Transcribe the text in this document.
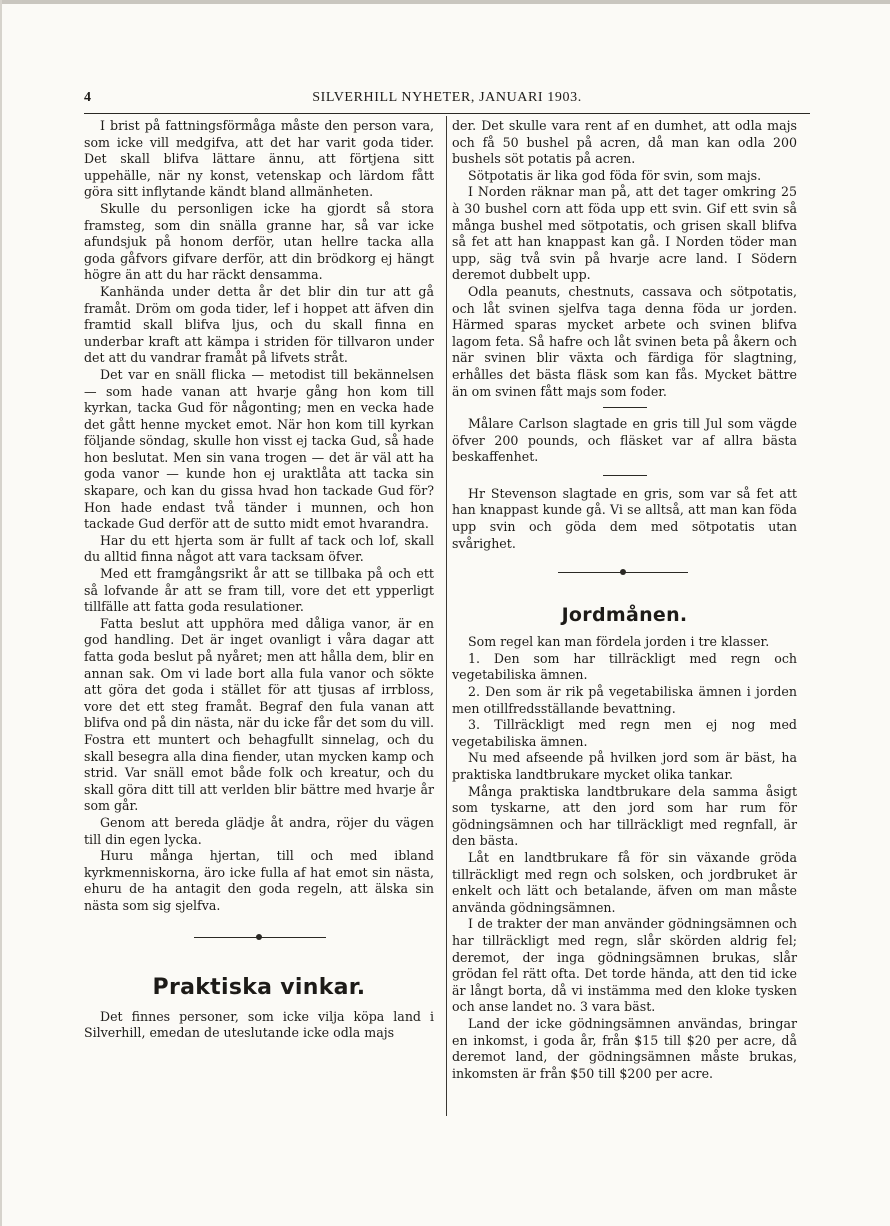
4	SILVERHILL NYHETER, JANUARI 1903.

I brist på fattningsförmåga måste den person vara, som icke vill medgifva, att det har varit goda tider. Det skall blifva lättare ännu, att förtjena sitt uppehälle, när ny konst, vetenskap och lärdom fått göra sitt inflytande kändt bland allmänheten.

Skulle du personligen icke ha gjordt så stora framsteg, som din snälla granne har, så var icke afundsjuk på honom derför, utan hellre tacka alla goda gåfvors gifvare derför, att din brödkorg ej hängt högre än att du har räckt densamma.

Kanhända under detta år det blir din tur att gå framåt. Dröm om goda tider, lef i hoppet att äfven din framtid skall blifva ljus, och du skall finna en underbar kraft att kämpa i striden för tillvaron under det att du vandrar framåt på lifvets stråt.

Det var en snäll flicka — metodist till bekännelsen — som hade vanan att hvarje gång hon kom till kyrkan, tacka Gud för någonting; men en vecka hade det gått henne mycket emot. När hon kom till kyrkan följande söndag, skulle hon visst ej tacka Gud, så hade hon beslutat. Men sin vana trogen — det är väl att ha goda vanor — kunde hon ej uraktlåta att tacka sin skapare, och kan du gissa hvad hon tackade Gud för? Hon hade endast två tänder i munnen, och hon tackade Gud derför att de sutto midt emot hvarandra.

Har du ett hjerta som är fullt af tack och lof, skall du alltid finna något att vara tacksam öfver.

Med ett framgångsrikt år att se tillbaka på och ett så lofvande år att se fram till, vore det ett ypperligt tillfälle att fatta goda resulationer.

Fatta beslut att upphöra med dåliga vanor, är en god handling. Det är inget ovanligt i våra dagar att fatta goda beslut på nyåret; men att hålla dem, blir en annan sak. Om vi lade bort alla fula vanor och sökte att göra det goda i stället för att tjusas af irrbloss, vore det ett steg framåt. Begraf den fula vanan att blifva ond på din nästa, när du icke får det som du vill. Fostra ett muntert och behagfullt sinnelag, och du skall besegra alla dina fiender, utan mycken kamp och strid. Var snäll emot både folk och kreatur, och du skall göra ditt till att verlden blir bättre med hvarje år som går.

Genom att bereda glädje åt andra, röjer du vägen till din egen lycka.

Huru många hjertan, till och med ibland kyrkmenniskorna, äro icke fulla af hat emot sin nästa, ehuru de ha antagit den goda regeln, att älska sin nästa som sig sjelfva.

Praktiska vinkar.

Det finnes personer, som icke vilja köpa land i Silverhill, emedan de uteslutande icke odla majs

der. Det skulle vara rent af en dumhet, att odla majs och få 50 bushel på acren, då man kan odla 200 bushels söt potatis på acren.

Sötpotatis är lika god föda för svin, som majs.

I Norden räknar man på, att det tager omkring 25 à 30 bushel corn att föda upp ett svin. Gif ett svin så många bushel med sötpotatis, och grisen skall blifva så fet att han knappast kan gå. I Norden töder man upp, säg två svin på hvarje acre land. I Södern deremot dubbelt upp.

Odla peanuts, chestnuts, cassava och sötpotatis, och låt svinen sjelfva taga denna föda ur jorden. Härmed sparas mycket arbete och svinen blifva lagom feta. Så hafre och låt svinen beta på åkern och när svinen blir växta och färdiga för slagtning, erhålles det bästa fläsk som kan fås. Mycket bättre än om svinen fått majs som foder.

Målare Carlson slagtade en gris till Jul som vägde öfver 200 pounds, och fläsket var af allra bästa beskaffenhet.

Hr Stevenson slagtade en gris, som var så fet att han knappast kunde gå. Vi se alltså, att man kan föda upp svin och göda dem med sötpotatis utan svårighet.

Jordmånen.

Som regel kan man fördela jorden i tre klasser.

1. Den som har tillräckligt med regn och vegetabiliska ämnen.

2. Den som är rik på vegetabiliska ämnen i jorden men otillfredsställande bevattning.

3. Tillräckligt med regn men ej nog med vegetabiliska ämnen.

Nu med afseende på hvilken jord som är bäst, ha praktiska landtbrukare mycket olika tankar.

Många praktiska landtbrukare dela samma åsigt som tyskarne, att den jord som har rum för gödningsämnen och har tillräckligt med regnfall, är den bästa.

Låt en landtbrukare få för sin växande gröda tillräckligt med regn och solsken, och jordbruket är enkelt och lätt och betalande, äfven om man måste använda gödningsämnen.

I de trakter der man använder gödningsämnen och har tillräckligt med regn, slår skörden aldrig fel; deremot, der inga gödningsämnen brukas, slår grödan fel rätt ofta. Det torde hända, att den tid icke är långt borta, då vi instämma med den kloke tysken och anse landet no. 3 vara bäst.

Land der icke gödningsämnen användas, bringar en inkomst, i goda år, från $15 till $20 per acre, då deremot land, der gödningsämnen måste brukas, inkomsten är från $50 till $200 per acre.
